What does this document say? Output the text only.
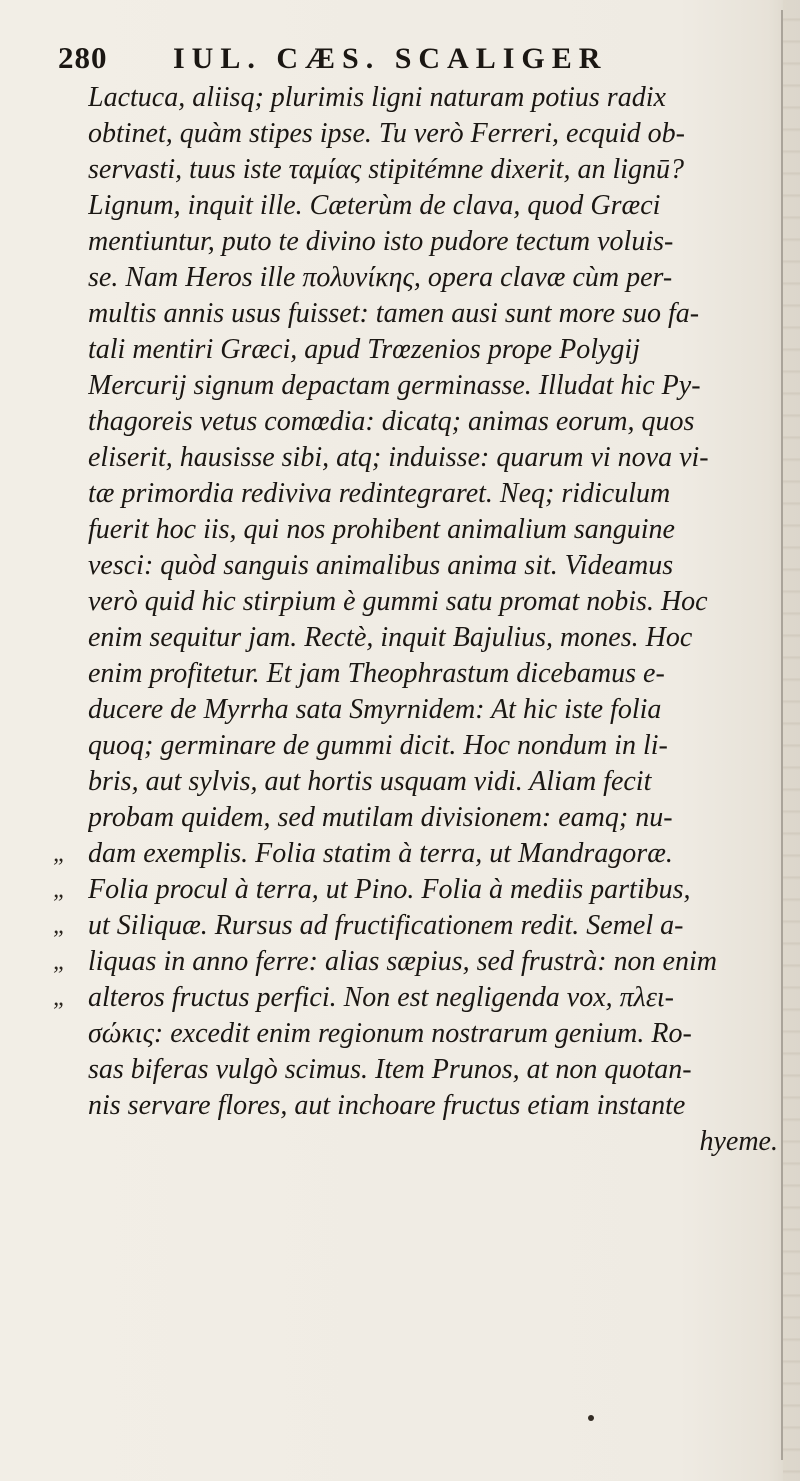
280 IUL. CÆS. SCALIGER
Lactuca, aliisq; plurimis ligni naturam potius radix
obtinet, quàm stipes ipse. Tu verò Ferreri, ecquid ob-
servasti, tuus iste ταμίας stipitémne dixerit, an lignū?
Lignum, inquit ille. Cæterùm de clava, quod Græci
mentiuntur, puto te divino isto pudore tectum voluis-
se. Nam Heros ille πολυνίκης, opera clavæ cùm per-
multis annis usus fuisset: tamen ausi sunt more suo fa-
tali mentiri Græci, apud Trœzenios prope Polygij
Mercurij signum depactam germinasse. Illudat hic Py-
thagoreis vetus comœdia: dicatq; animas eorum, quos
eliserit, hausisse sibi, atq; induisse: quarum vi nova vi-
tæ primordia rediviva redintegraret. Neq; ridiculum
fuerit hoc iis, qui nos prohibent animalium sanguine
vesci: quòd sanguis animalibus anima sit. Videamus
verò quid hic stirpium è gummi satu promat nobis. Hoc
enim sequitur jam. Rectè, inquit Bajulius, mones. Hoc
enim profitetur. Et jam Theophrastum dicebamus e-
ducere de Myrrha sata Smyrnidem: At hic iste folia
quoq; germinare de gummi dicit. Hoc nondum in li-
bris, aut sylvis, aut hortis usquam vidi. Aliam fecit
probam quidem, sed mutilam divisionem: eamq; nu-
„ dam exemplis. Folia statim à terra, ut Mandragoræ.
„ Folia procul à terra, ut Pino. Folia à mediis partibus,
„ ut Siliquæ. Rursus ad fructificationem redit. Semel a-
„ liquas in anno ferre: alias sæpius, sed frustrà: non enim
„ alteros fructus perfici. Non est negligenda vox, πλει-
σώκις: excedit enim regionum nostrarum genium. Ro-
sas biferas vulgò scimus. Item Prunos, at non quotan-
nis servare flores, aut inchoare fructus etiam instante
hyeme.
